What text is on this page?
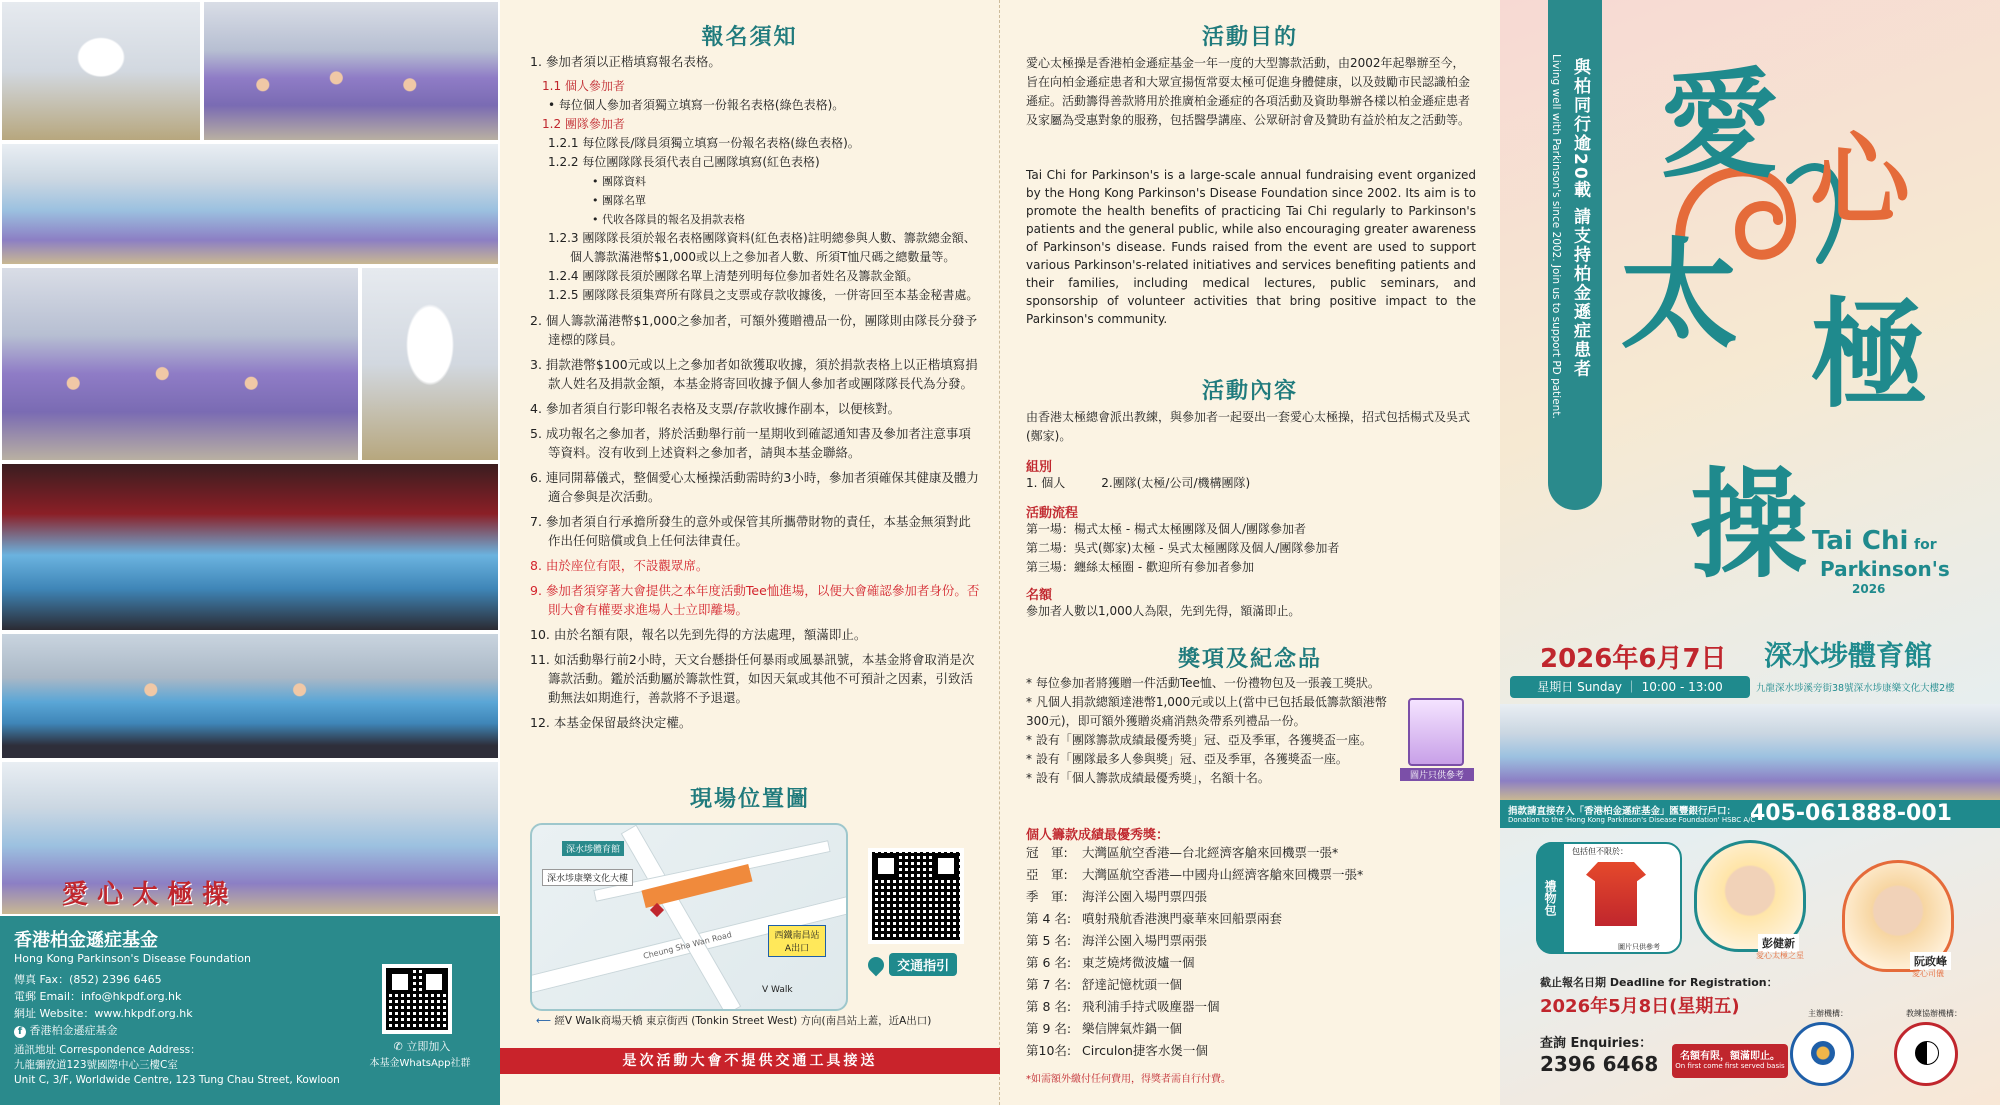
愛 心 太 極 操
香港柏金遜症基金
Hong Kong Parkinson's Disease Foundation
傳真 Fax：(852) 2396 6465
電郵 Email：info@hkpdf.org.hk
網址 Website：www.hkpdf.org.hk
f 香港柏金遜症基金
通訊地址 Correspondence Address：
九龍彌敦道123號國際中心三樓C室
Unit C, 3/F, Worldwide Centre, 123 Tung Chau Street, Kowloon
✆ 立即加入
本基金WhatsApp社群
報名須知
1. 參加者須以正楷填寫報名表格。
1.1 個人參加者
• 每位個人參加者須獨立填寫一份報名表格(綠色表格)。
1.2 團隊參加者
1.2.1 每位隊長/隊員須獨立填寫一份報名表格(綠色表格)。
1.2.2 每位團隊隊長須代表自己團隊填寫(紅色表格)
• 團隊資料
• 團隊名單
• 代收各隊員的報名及捐款表格
1.2.3 團隊隊長須於報名表格團隊資料(紅色表格)註明總參與人數、籌款總金額、個人籌款滿港幣$1,000或以上之參加者人數、所須T恤尺碼之總數量等。
1.2.4 團隊隊長須於團隊名單上清楚列明每位參加者姓名及籌款金額。
1.2.5 團隊隊長須集齊所有隊員之支票或存款收據後，一併寄回至本基金秘書處。
2. 個人籌款滿港幣$1,000之參加者，可額外獲贈禮品一份，團隊則由隊長分發予達標的隊員。
3. 捐款港幣$100元或以上之參加者如欲獲取收據，須於捐款表格上以正楷填寫捐款人姓名及捐款金額，本基金將寄回收據予個人參加者或團隊隊長代為分發。
4. 參加者須自行影印報名表格及支票/存款收據作副本，以便核對。
5. 成功報名之參加者，將於活動舉行前一星期收到確認通知書及參加者注意事項等資料。沒有收到上述資料之參加者，請與本基金聯絡。
6. 連同開幕儀式，整個愛心太極操活動需時約3小時，參加者須確保其健康及體力適合參與是次活動。
7. 參加者須自行承擔所發生的意外或保管其所攜帶財物的責任，本基金無須對此作出任何賠償或負上任何法律責任。
8. 由於座位有限，不設觀眾席。
9. 參加者須穿著大會提供之本年度活動Tee恤進場，以便大會確認參加者身份。否則大會有權要求進場人士立即離場。
10. 由於名額有限，報名以先到先得的方法處理，額滿即止。
11. 如活動舉行前2小時，天文台懸掛任何暴雨或風暴訊號，本基金將會取消是次籌款活動。鑑於活動屬於籌款性質，如因天氣或其他不可預計之因素，引致活動無法如期進行，善款將不予退還。
12. 本基金保留最終決定權。
現場位置圖
深水埗體育館
深水埗康樂文化大樓
V Walk
西鐵南昌站 A出口
Cheung Sha Wan Road
交通指引
⟵ 經V Walk商場天橋 東京街西 (Tonkin Street West) 方向(南昌站上蓋，近A出口)
是次活動大會不提供交通工具接送
活動目的
愛心太極操是香港柏金遜症基金一年一度的大型籌款活動，由2002年起舉辦至今，旨在向柏金遜症患者和大眾宣揚恆常耍太極可促進身體健康，以及鼓勵市民認識柏金遜症。活動籌得善款將用於推廣柏金遜症的各項活動及資助舉辦各樣以柏金遜症患者及家屬為受惠對象的服務，包括醫學講座、公眾研討會及贊助有益於柏友之活動等。
Tai Chi for Parkinson's is a large-scale annual fundraising event organized by the Hong Kong Parkinson's Disease Foundation since 2002. Its aim is to promote the health benefits of practicing Tai Chi regularly to Parkinson's patients and the general public, while also encouraging greater awareness of Parkinson's disease. Funds raised from the event are used to support various Parkinson's-related initiatives and services benefiting patients and their families, including medical lectures, public seminars, and sponsorship of volunteer activities that bring positive impact to the Parkinson's community.
活動內容
由香港太極總會派出教練，與參加者一起耍出一套愛心太極操，招式包括楊式及吳式(鄭家)。
組別
1. 個人　　　2.團隊(太極/公司/機構團隊)
活動流程
第一場：楊式太極 - 楊式太極團隊及個人/團隊參加者
第二場：吳式(鄭家)太極 - 吳式太極團隊及個人/團隊參加者
第三場：纏絲太極圈 - 歡迎所有參加者參加
名額
參加者人數以1,000人為限，先到先得，額滿即止。
獎項及紀念品
* 每位參加者將獲贈一件活動Tee恤、一份禮物包及一張義工獎狀。
* 凡個人捐款總額達港幣1,000元或以上(當中已包括最低籌款額港幣300元)，即可額外獲贈炎痛消熱灸帶系列禮品一份。
* 設有「團隊籌款成績最優秀獎」冠、亞及季軍，各獲獎盃一座。
* 設有「團隊最多人參與獎」冠、亞及季軍，各獲獎盃一座。
* 設有「個人籌款成績最優秀獎」，名額十名。	圖片只供參考
個人籌款成績最優秀獎：
冠　軍: 大灣區航空香港—台北經濟客艙來回機票一張*
亞　軍: 大灣區航空香港—中國舟山經濟客艙來回機票一張*
季　軍: 海洋公園入場門票四張
第 4 名: 噴射飛航香港澳門豪華來回船票兩套
第 5 名: 海洋公園入場門票兩張
第 6 名: 東芝燒烤微波爐一個
第 7 名: 舒達記憶枕頭一個
第 8 名: 飛利浦手持式吸塵器一個
第 9 名: 樂信牌氣炸鍋一個
第10名: Circulon捷客水煲一個
*如需額外繳付任何費用，得獎者需自行付費。
與柏同行逾20載 請支持柏金遜症患者
Living well with Parkinson's since 2002. Join us to support PD patient. 愛 心
太 極
操 Tai Chi for
Parkinson's
2026
2026年6月7日 深水埗體育館
星期日 Sunday ｜ 10:00 - 13:00	九龍深水埗溪旁街38號深水埗康樂文化大樓2樓
捐款請直接存入「香港柏金遜症基金」匯豐銀行戶口：
Donation to the 'Hong Kong Parkinson's Disease Foundation' HSBC A/C
405-061888-001
禮物包
包括但不限於：
圖片只供參考	彭健新
愛心太極之星	阮政峰
愛心司儀
截止報名日期 Deadline for Registration：
2026年5月8日(星期五)
查詢 Enquiries：
2396 6468	名額有限，額滿即止。
On first come first served basis
主辦機構：	教練協辦機構：
